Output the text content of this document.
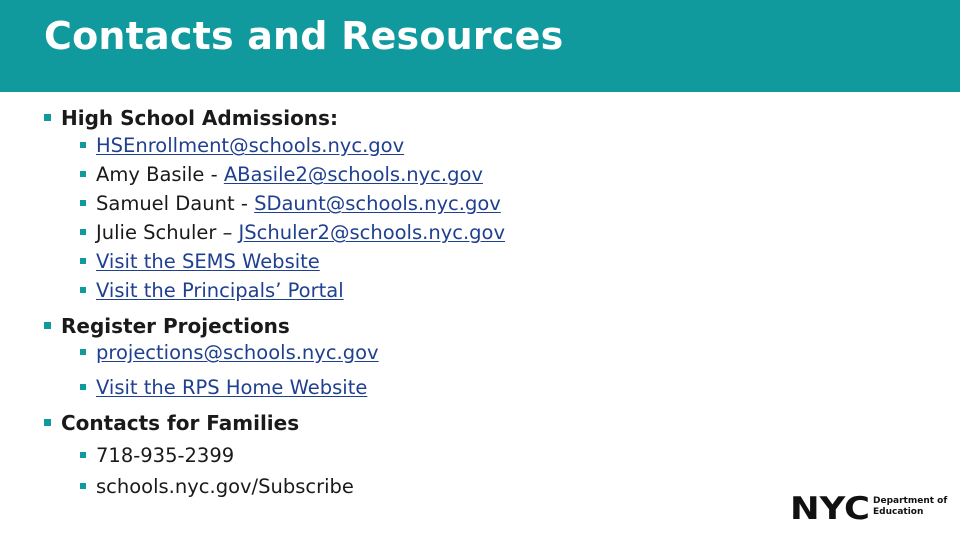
Contacts and Resources
High School Admissions:
HSEnrollment@schools.nyc.gov
Amy Basile - ABasile2@schools.nyc.gov
Samuel Daunt - SDaunt@schools.nyc.gov
Julie Schuler – JSchuler2@schools.nyc.gov
Visit the SEMS Website
Visit the Principals’ Portal
Register Projections
projections@schools.nyc.gov
Visit the RPS Home Website
Contacts for Families
718-935-2399
schools.nyc.gov/Subscribe
NYC Department of
Education
